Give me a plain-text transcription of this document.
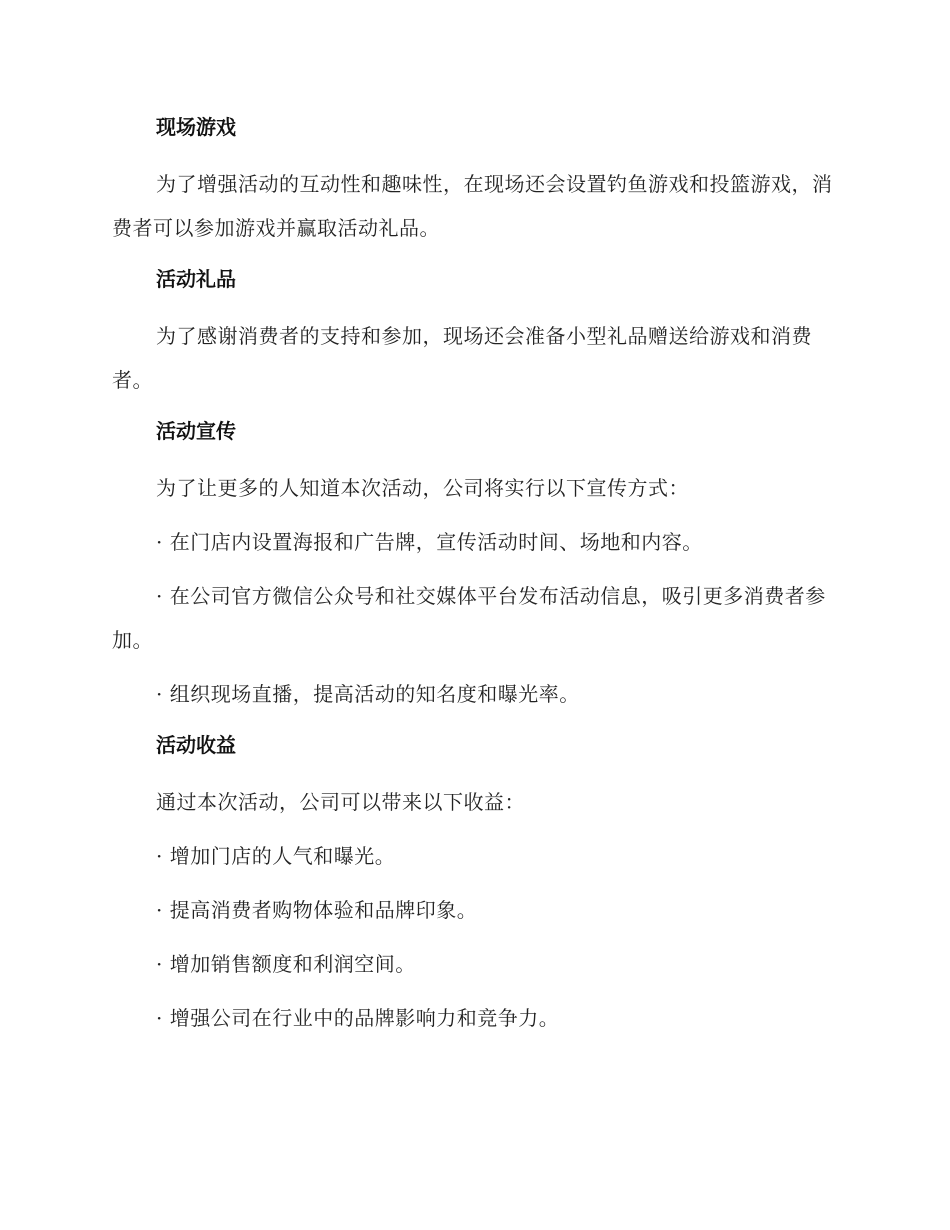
现场游戏

为了增强活动的互动性和趣味性，在现场还会设置钓鱼游戏和投篮游戏，消费者可以参加游戏并赢取活动礼品。

活动礼品

为了感谢消费者的支持和参加，现场还会准备小型礼品赠送给游戏和消费者。

活动宣传

为了让更多的人知道本次活动，公司将实行以下宣传方式：

· 在门店内设置海报和广告牌，宣传活动时间、场地和内容。

· 在公司官方微信公众号和社交媒体平台发布活动信息，吸引更多消费者参加。

· 组织现场直播，提高活动的知名度和曝光率。

活动收益

通过本次活动，公司可以带来以下收益：

· 增加门店的人气和曝光。

· 提高消费者购物体验和品牌印象。

· 增加销售额度和利润空间。

· 增强公司在行业中的品牌影响力和竞争力。
